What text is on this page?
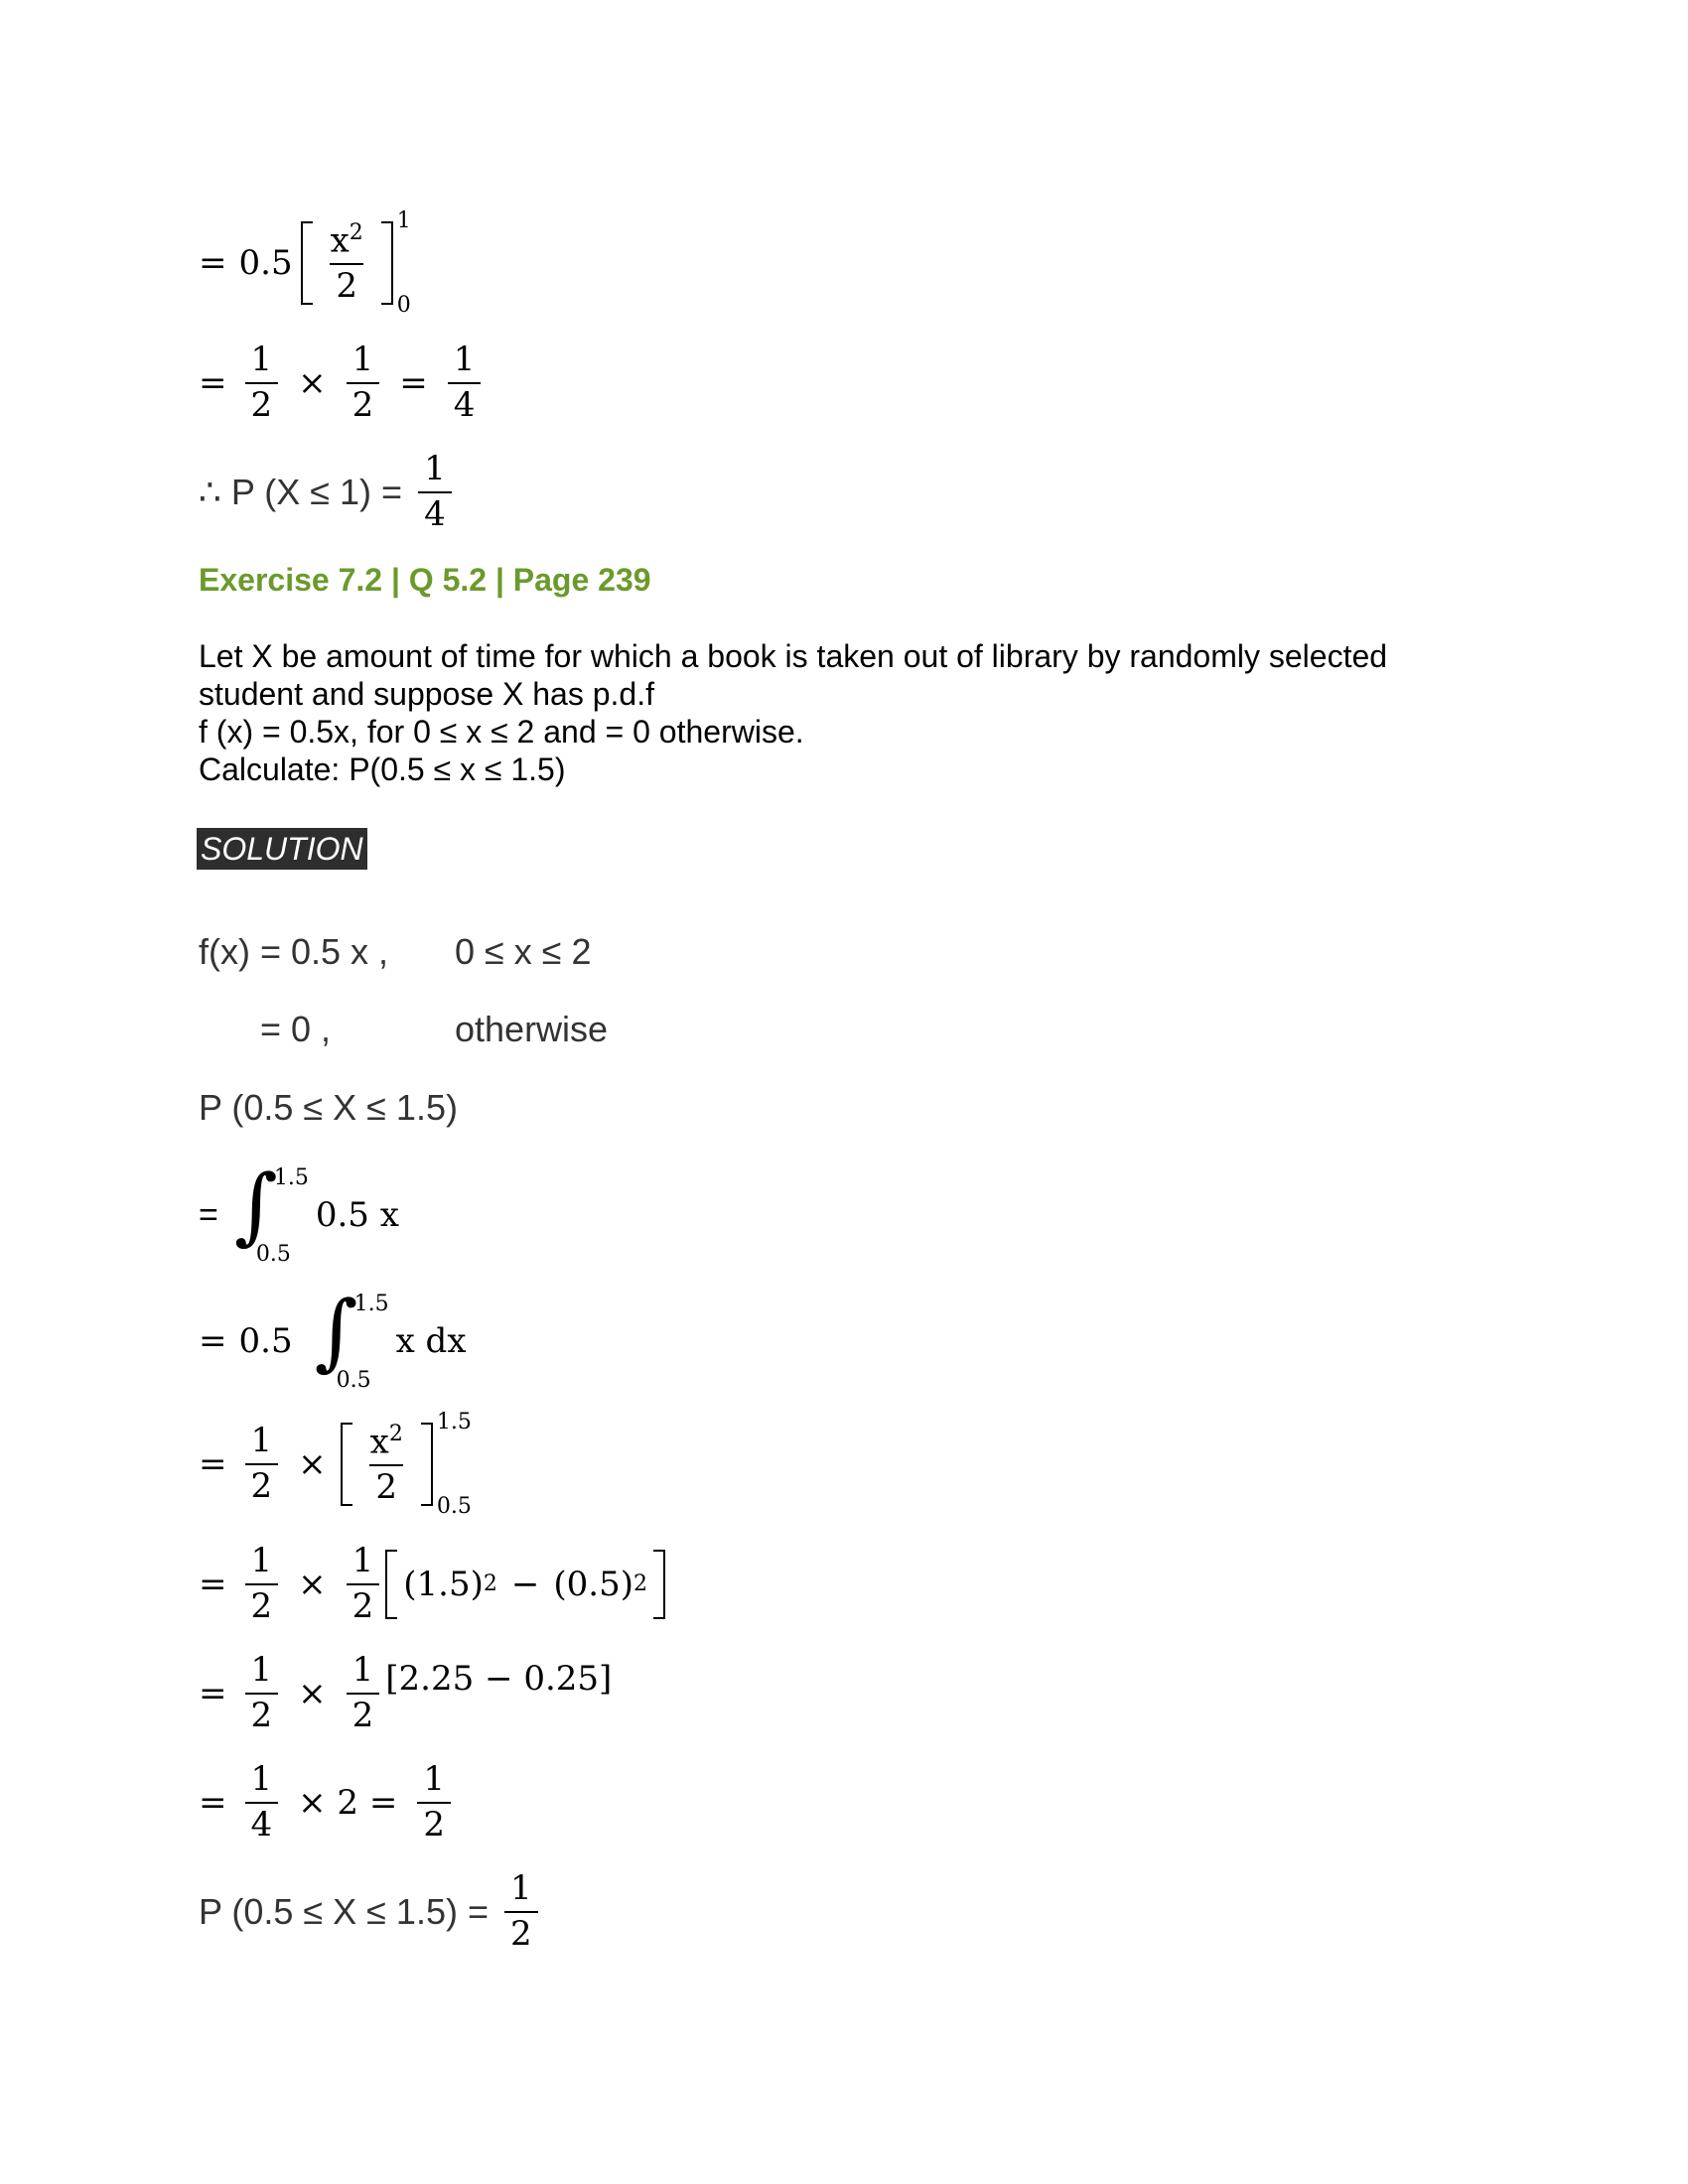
= $0.5 \frac{x^2}{2}$
1
0
= $\frac{1}{2} \times \frac{1}{2} = \frac{1}{4}$
∴ P $(X \le 1) = \frac{1}{4}$
Exercise 7.2 | Q 5.2 | Page 239
Let X be amount of time for which a book is taken out of library by randomly selected
student and suppose X has p.d.f
f (x) = 0.5x, for 0 ≤ x ≤ 2 and = 0 otherwise.
Calculate: P(0.5 ≤ x ≤ 1.5)
SOLUTION
f(x) = 0.5 x ,	0 ≤ x ≤ 2
= 0 ,	otherwise
P (0.5 ≤ X ≤ 1.5)
= ∫
1.5
0.5
0.5 x
= 0.5 ∫
1.5
0.5
x dx
= $\frac{1}{2} \times \frac{x^2}{2}$
1.5
0.5
= $\frac{1}{2} \times \frac{1}{2} (1.5) 2 - (0.5)$ 2
= $\frac{1}{2} \times \frac{1}{2} [2.25 - 0.25]$
= $\frac{1}{4} \times 2 = \frac{1}{2}$
P $(0.5 \le X \le 1.5) = \frac{1}{2}$
